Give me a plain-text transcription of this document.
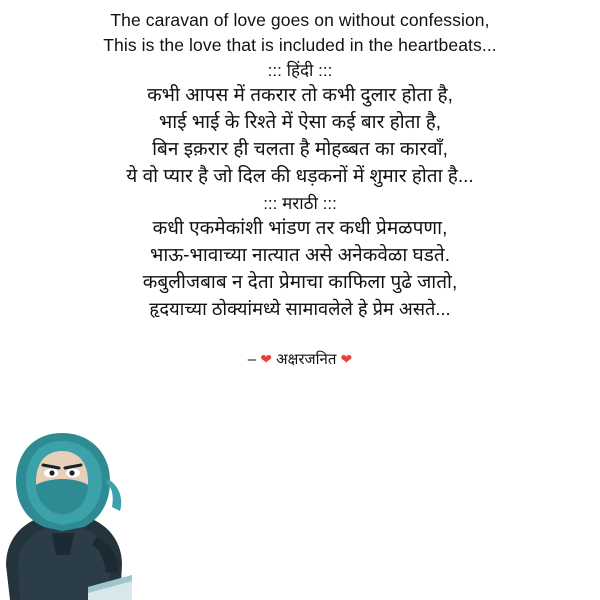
The caravan of love goes on without confession,
This is the love that is included in the heartbeats...
::: हिंदी :::
कभी आपस में तकरार तो कभी दुलार होता है,
भाई भाई के रिश्ते में ऐसा कई बार होता है,
बिन इक़रार ही चलता है मोहब्बत का कारवाँ,
ये वो प्यार है जो दिल की धड़कनों में शुमार होता है...
::: मराठी :::
कधी एकमेकांशी भांडण तर कधी प्रेमळपणा,
भाऊ-भावाच्या नात्यात असे अनेकवेळा घडते.
कबुलीजबाब न देता प्रेमाचा काफिला पुढे जातो,
हृदयाच्या ठोक्यांमध्ये सामावलेले हे प्रेम असते...
– ❤ अक्षरजनित ❤
